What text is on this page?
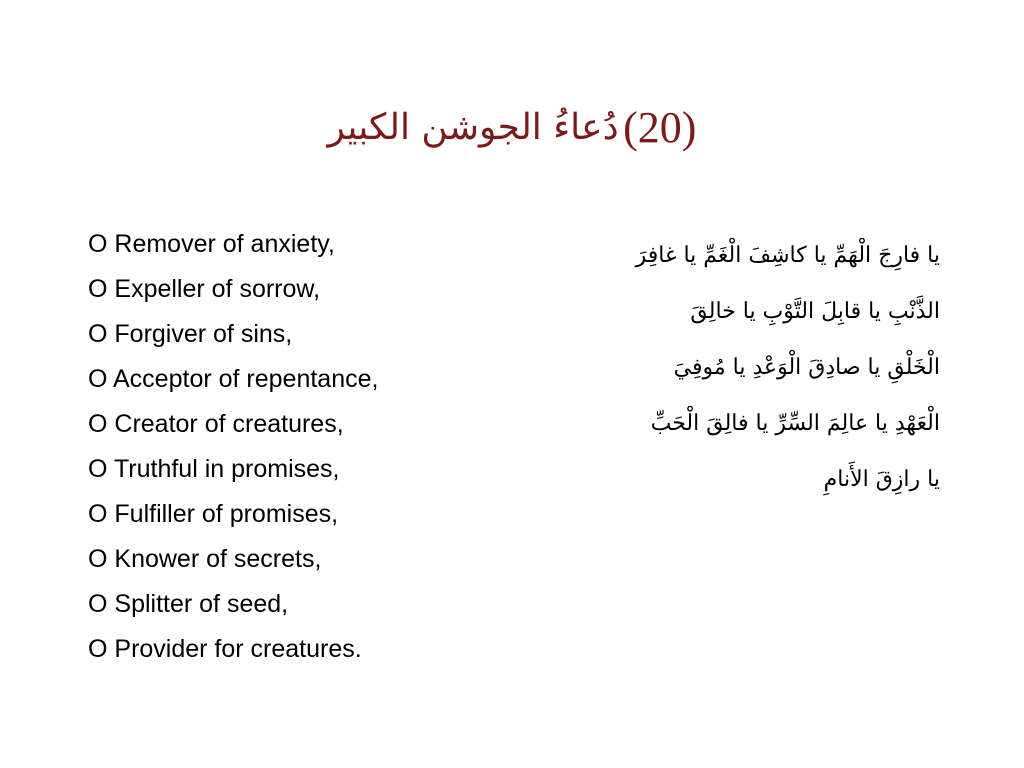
دُعاءُ الجوشن الكبير (20)
O Remover of anxiety,
O Expeller of sorrow,
O Forgiver of sins,
O Acceptor of repentance,
O Creator of creatures,
O Truthful in promises,
O Fulfiller of promises,
O Knower of secrets,
O Splitter of seed,
O Provider for creatures.
يا فارِجَ الْهَمِّ يا كاشِفَ الْغَمِّ يا غافِرَ
الذَّنْبِ يا قابِلَ التَّوْبِ يا خالِقَ
الْخَلْقِ يا صادِقَ الْوَعْدِ يا مُوفِيَ
الْعَهْدِ يا عالِمَ السِّرِّ يا فالِقَ الْحَبِّ
يا رازِقَ الأَنامِ
